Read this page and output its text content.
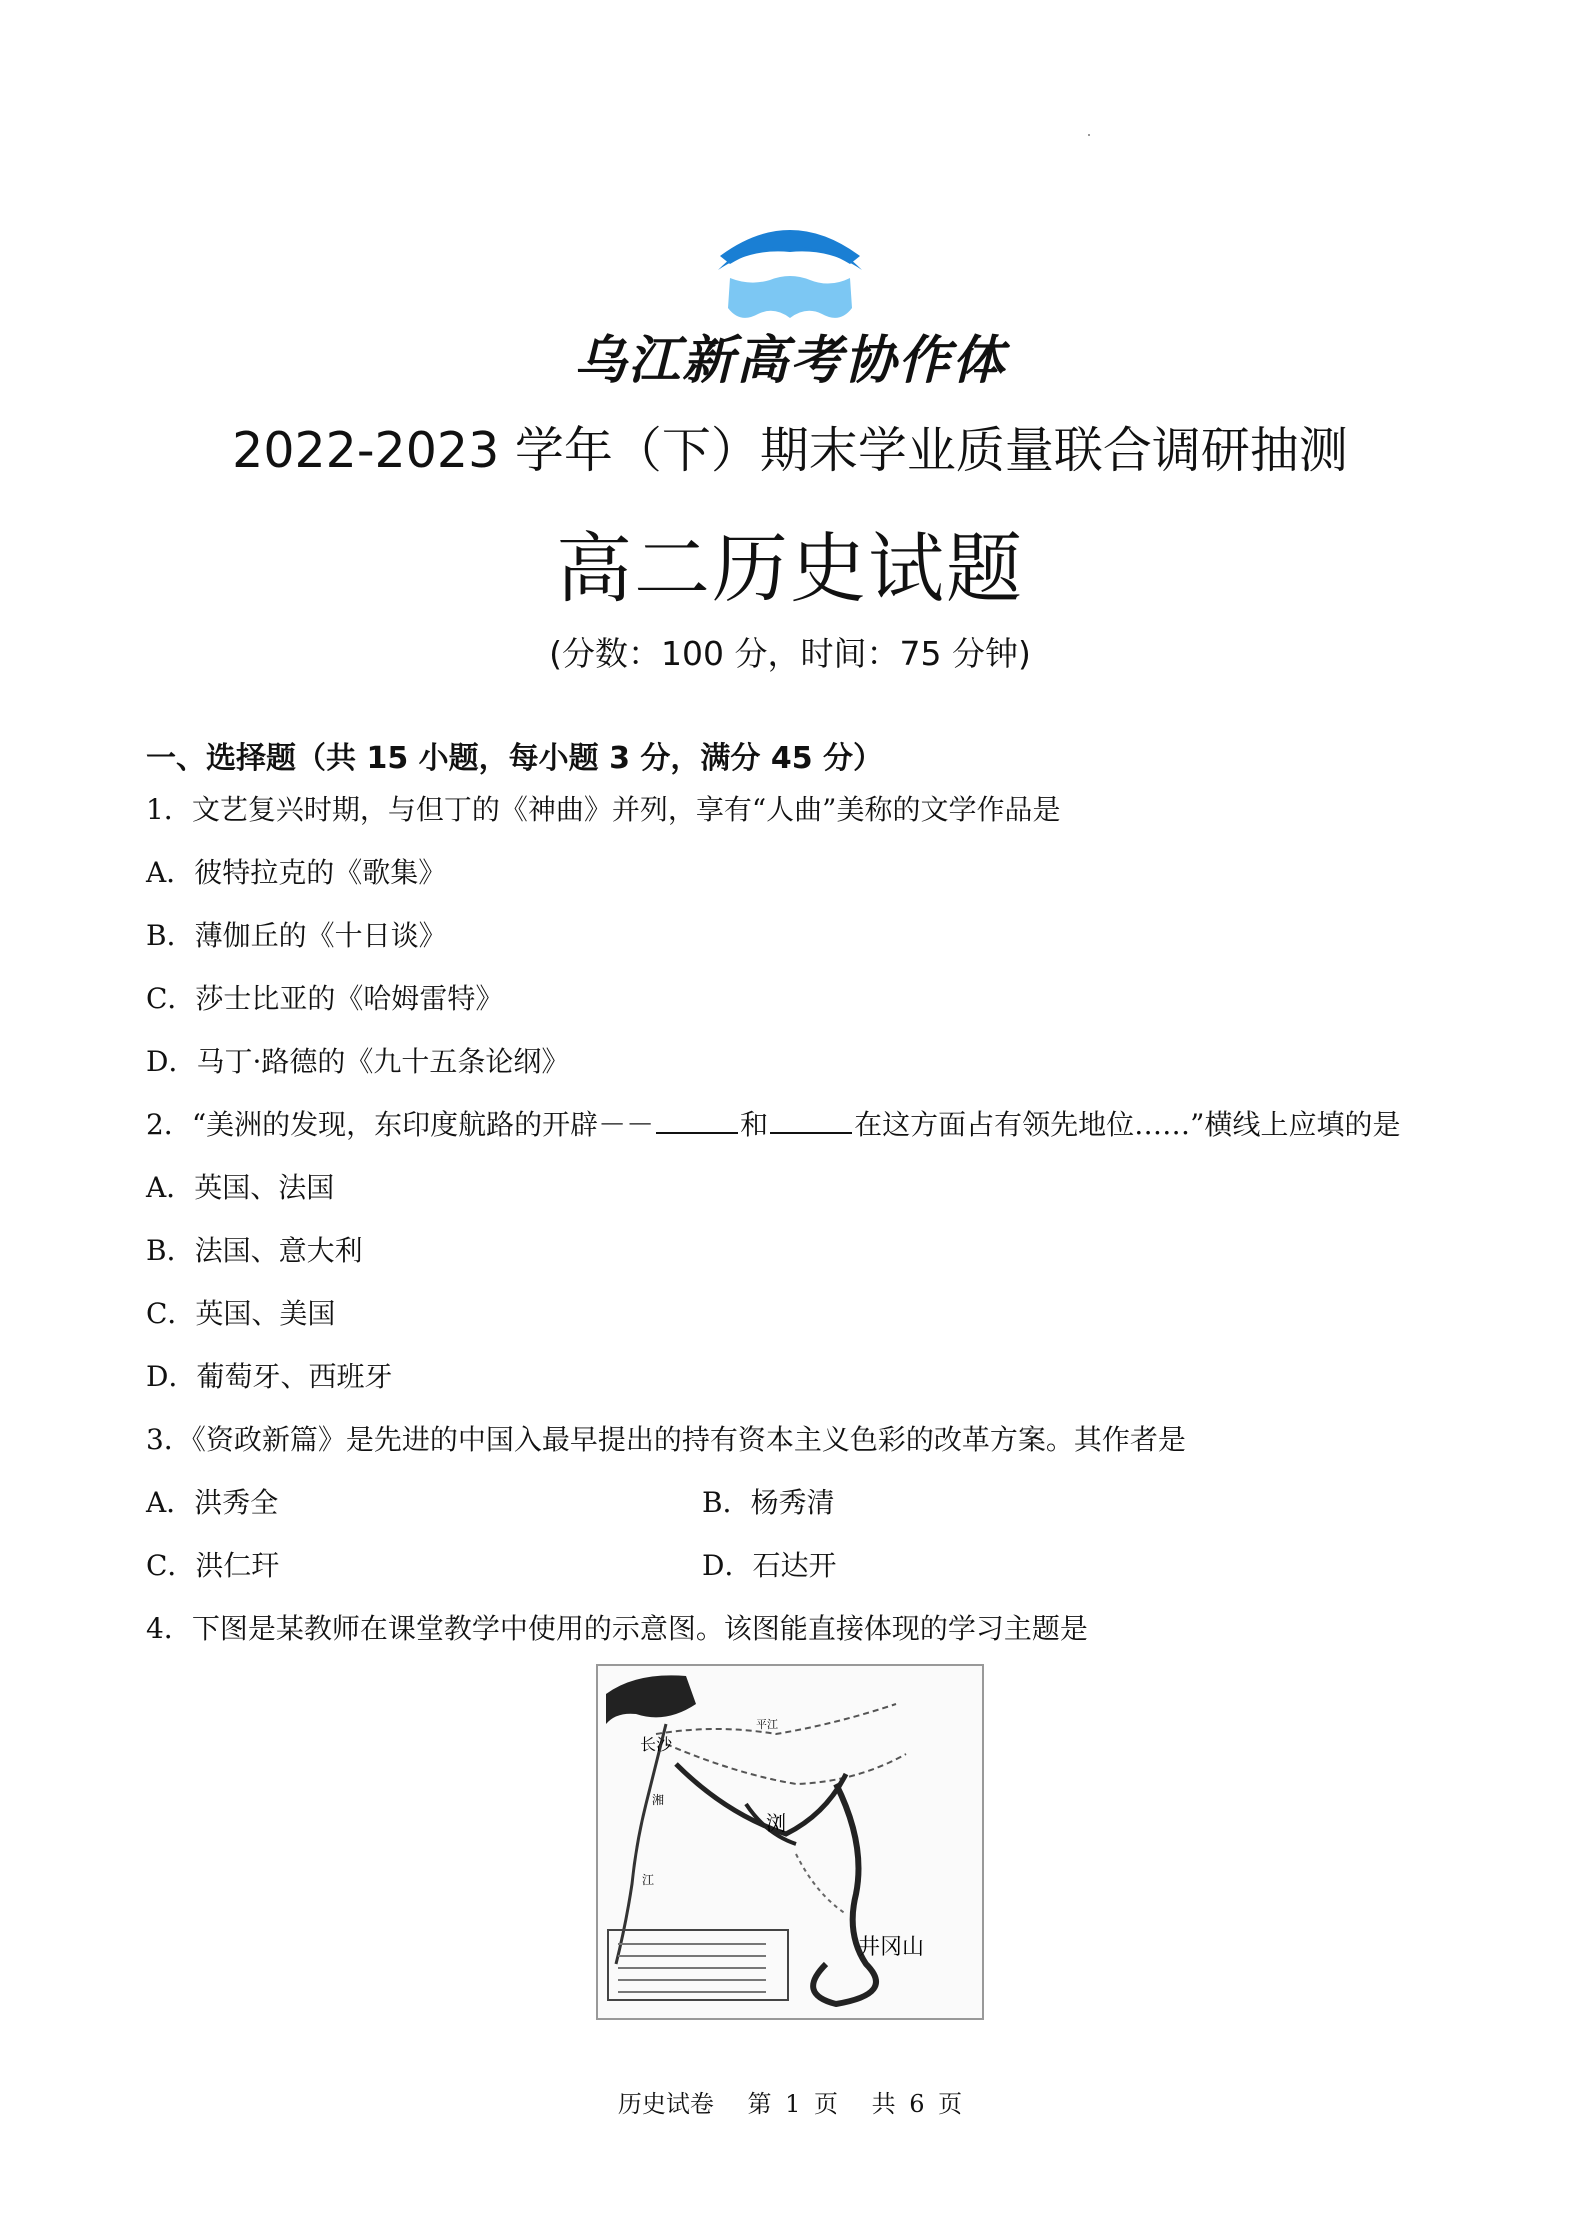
乌江新高考协作体
2022-2023 学年（下）期末学业质量联合调研抽测
高二历史试题
(分数：100 分，时间：75 分钟)
一、选择题（共 15 小题，每小题 3 分，满分 45 分）
1．文艺复兴时期，与但丁的《神曲》并列，享有“人曲”美称的文学作品是
A．彼特拉克的《歌集》
B．薄伽丘的《十日谈》
C．莎士比亚的《哈姆雷特》
D．马丁·路德的《九十五条论纲》
2．“美洲的发现，东印度航路的开辟－－	和	在这方面占有领先地位……”横线上应填的是
A．英国、法国
B．法国、意大利
C．英国、美国
D．葡萄牙、西班牙
3．《资政新篇》是先进的中国入最早提出的持有资本主义色彩的改革方案。其作者是
A．洪秀全	B．杨秀清
C．洪仁玕	D．石达开
4．下图是某教师在课堂教学中使用的示意图。该图能直接体现的学习主题是
长沙
平江
湘
江
浏
井冈山
历史试卷 第 1 页 共 6 页
